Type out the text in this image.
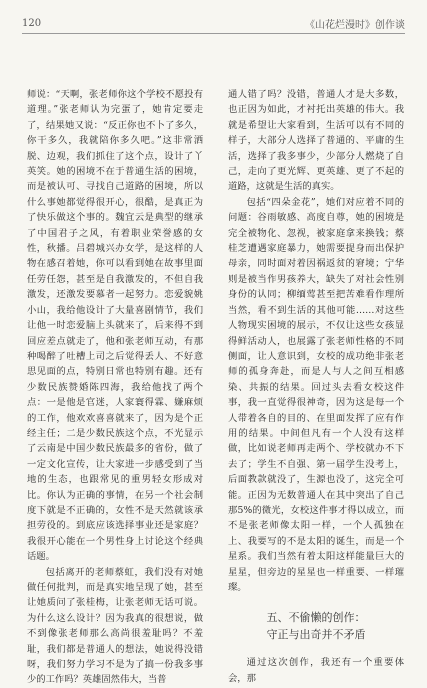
120	《山花烂漫时》创作谈

师说：“天啊，张老师你这个学校不愿投有道理。”张老师认为完蛋了，她肯定要走了，结果她又说：“反正你也不卜了多久，你干多久，我就陪你多久吧。”这非常洒脱、边观，我们抓住了这个点，设计了丫英笑。她的困境不在于普通生活的困境，而是被认可、寻找自己道路的困境，所以什么事她都觉得很开心，很酷，是真正为了快乐做这个事的。魏宜云是典型的继承了中国君子之风，有着职业荣誉感的女性，秋播。吕碧城兴办女学，是这样的人物在感召着她，你可以看到她在故事里面任劳任怨，甚至是自我激发的，不但自我激发，还激发要慕者一起努力。恋爱貌姚小山，我给他设计了大量喜剧情节，我们让他一时恋爱脑上头就来了，后来得不到回应差点就走了，他和张老师互动，有那种喝醉了吐槽上司之后觉得丢人、不好意思见面的点，特别日常也特别有趣。还有少数民族赞婚陈四海，我给他找了两个点：一是他是官迷，人家寰得霖、嫌麻烦的工作，他欢欢喜喜就来了，因为是个正经主任；二是少数民族这个点，不光显示了云南是中国少数民族最多的省份，做了一定文化宣传，让大家进一步感受到了当地的生态，也跟常见的重男轻女形成对比。你认为正确的事情，在另一个社会制度下就是不正确的，女性不是天然就该承担劳役的。到底应该选择事业还是家庭？我很开心能在一个男性身上讨论这个经典话题。

包括离开的老师蔡虹，我们没有对她做任何批判，而是真实地呈现了她，甚至让她质问了张桂梅，让张老师无话可说。为什么这么设计？因为我真的很想说，做不到像张老师那么高尚很羞耻吗？不羞耻，我们都是普通人的想法，她说得没错呀，我们努力学习不是为了搞一份我多事少的工作吗？英雄固然伟大，当普

通人错了吗？没错，普通人才是大多数，也正因为如此，才衬托出英雄的伟大。我就是希望让大家看到，生活可以有不同的样子，大部分人选择了普通的、平庸的生活，选择了我多事少，少部分人燃烧了自己，走向了更光辉、更英雄、更了不起的道路，这就是生活的真实。

包括“四朵金花”，她们对应着不同的问题：谷雨敏感、高度自尊，她的困境是完全被物化、忽视，被家庭拿来换钱；蔡桂芝遭遇家庭暴力，她需要提身而出保护母亲，同时面对着因祸返贫的窘境；宁华则是被当作男孩养大，缺失了对社会性别身份的认同；柳缅莺甚至把苦难看作理所当然，看不到生活的其他可能……对这些人物现实困境的展示，不仅让这些女孩显得鲜活动人，也展露了张老师性格的不同侧面，让人意识到，女校的成功绝非张老师的孤身奔赴，而是人与人之间互相感染、共振的结果。回过头去看女校这件事，我一直觉得很神奇，因为这是每一个人带着各自的目的、在里面发挥了应有作用的结果。中间但凡有一个人没有这样做，比如说老师再走两个、学校就办不下去了；学生不自强、第一届学生没考上，后面教款就没了，生源也没了，这完全可能。正因为无数普通人在其中突出了自己那5%的微光，女校这件事才得以成立，而不是张老师像太阳一样，一个人孤独在上、我要写的不是太阳的诞生，而是一个星系。我们当然有着太阳这样能量巨大的星星，但旁边的星星也一样重要、一样璀璨。

五、不偷懒的创作：
守正与出奇并不矛盾

通过这次创作，我还有一个重要体会，那
